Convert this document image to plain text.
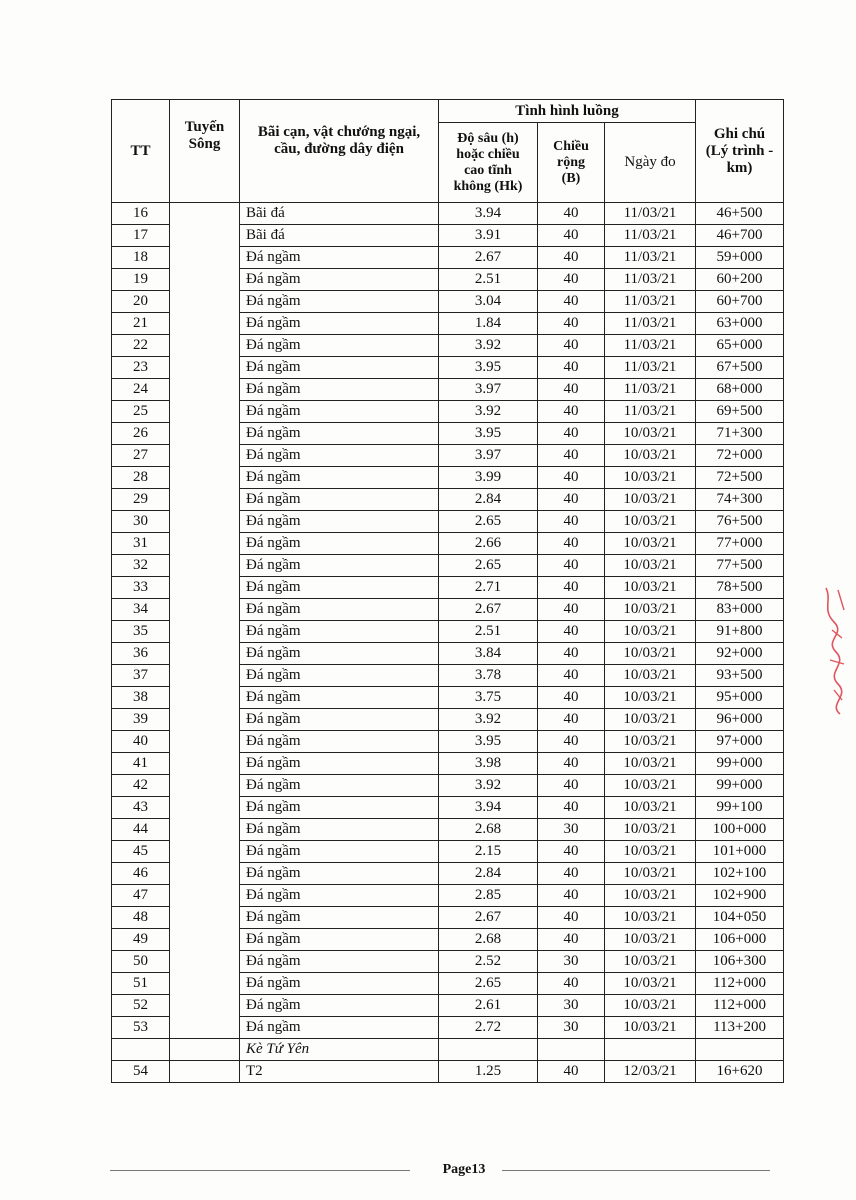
TT	Tuyến Sông	Bãi cạn, vật chướng ngại, cầu, đường dây điện	Tình hình luồng			Ghi chú (Lý trình - km)
			Độ sâu (h) hoặc chiều cao tĩnh không (Hk)	Chiều rộng (B)	Ngày đo	
16		Bãi đá	3.94	40	11/03/21	46+500
17		Bãi đá	3.91	40	11/03/21	46+700
18		Đá ngầm	2.67	40	11/03/21	59+000
19		Đá ngầm	2.51	40	11/03/21	60+200
20		Đá ngầm	3.04	40	11/03/21	60+700
21		Đá ngầm	1.84	40	11/03/21	63+000
22		Đá ngầm	3.92	40	11/03/21	65+000
23		Đá ngầm	3.95	40	11/03/21	67+500
24		Đá ngầm	3.97	40	11/03/21	68+000
25		Đá ngầm	3.92	40	11/03/21	69+500
26		Đá ngầm	3.95	40	10/03/21	71+300
27		Đá ngầm	3.97	40	10/03/21	72+000
28		Đá ngầm	3.99	40	10/03/21	72+500
29		Đá ngầm	2.84	40	10/03/21	74+300
30		Đá ngầm	2.65	40	10/03/21	76+500
31		Đá ngầm	2.66	40	10/03/21	77+000
32		Đá ngầm	2.65	40	10/03/21	77+500
33		Đá ngầm	2.71	40	10/03/21	78+500
34		Đá ngầm	2.67	40	10/03/21	83+000
35		Đá ngầm	2.51	40	10/03/21	91+800
36		Đá ngầm	3.84	40	10/03/21	92+000
37		Đá ngầm	3.78	40	10/03/21	93+500
38		Đá ngầm	3.75	40	10/03/21	95+000
39		Đá ngầm	3.92	40	10/03/21	96+000
40		Đá ngầm	3.95	40	10/03/21	97+000
41		Đá ngầm	3.98	40	10/03/21	99+000
42		Đá ngầm	3.92	40	10/03/21	99+000
43		Đá ngầm	3.94	40	10/03/21	99+100
44		Đá ngầm	2.68	30	10/03/21	100+000
45		Đá ngầm	2.15	40	10/03/21	101+000
46		Đá ngầm	2.84	40	10/03/21	102+100
47		Đá ngầm	2.85	40	10/03/21	102+900
48		Đá ngầm	2.67	40	10/03/21	104+050
49		Đá ngầm	2.68	40	10/03/21	106+000
50		Đá ngầm	2.52	30	10/03/21	106+300
51		Đá ngầm	2.65	40	10/03/21	112+000
52		Đá ngầm	2.61	30	10/03/21	112+000
53		Đá ngầm	2.72	30	10/03/21	113+200
		Kè Tứ Yên				
54		T2	1.25	40	12/03/21	16+620
Page13
